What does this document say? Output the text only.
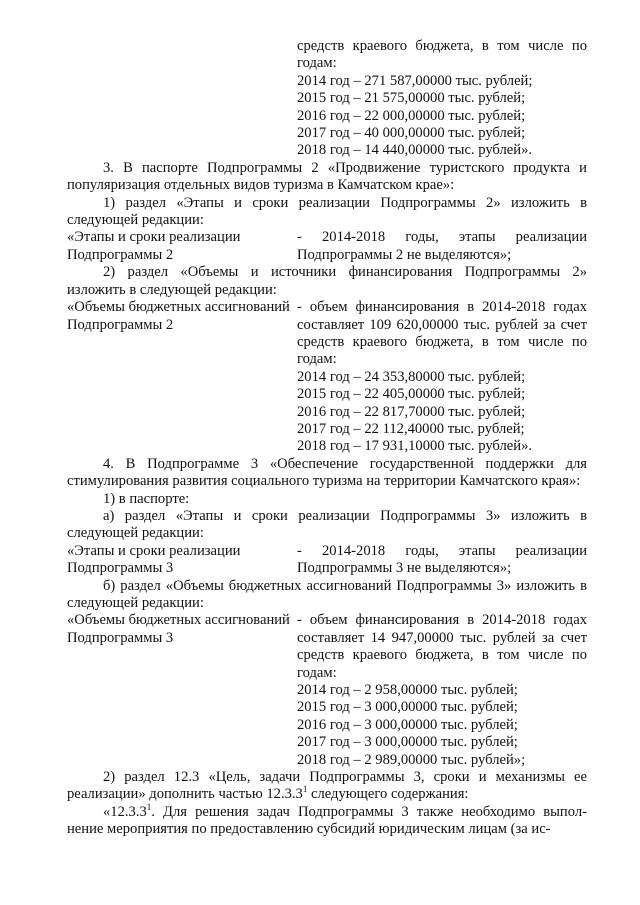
средств краевого бюджета, в том числе по
годам:
2014 год – 271 587,00000 тыс. рублей;
2015 год – 21 575,00000 тыс. рублей;
2016 год – 22 000,00000 тыс. рублей;
2017 год – 40 000,00000 тыс. рублей;
2018 год – 14 440,00000 тыс. рублей».
3. В паспорте Подпрограммы 2 «Продвижение туристского продукта и популяризация отдельных видов туризма в Камчатском крае»:
1) раздел «Этапы и сроки реализации Подпрограммы 2» изложить в следующей редакции:
«Этапы и сроки реализации Подпрограммы 2
- 2014-2018 годы, этапы реализации
Подпрограммы 2 не выделяются»;
2) раздел «Объемы и источники финансирования Подпрограммы 2» изложить в следующей редакции:
«Объемы бюджетных ассигнований Подпрограммы 2
- объем финансирования в 2014-2018 годах
составляет 109 620,00000 тыс. рублей за счет
средств краевого бюджета, в том числе по
годам:
2014 год – 24 353,80000 тыс. рублей;
2015 год – 22 405,00000 тыс. рублей;
2016 год – 22 817,70000 тыс. рублей;
2017 год – 22 112,40000 тыс. рублей;
2018 год – 17 931,10000 тыс. рублей».
4. В Подпрограмме 3 «Обеспечение государственной поддержки для стимулирования развития социального туризма на территории Камчатского края»:
1) в паспорте:
а) раздел «Этапы и сроки реализации Подпрограммы 3» изложить в следующей редакции:
«Этапы и сроки реализации Подпрограммы 3
- 2014-2018 годы, этапы реализации
Подпрограммы 3 не выделяются»;
б) раздел «Объемы бюджетных ассигнований Подпрограммы 3» изложить в следующей редакции:
«Объемы бюджетных ассигнований Подпрограммы 3
- объем финансирования в 2014-2018 годах
составляет 14 947,00000 тыс. рублей за счет
средств краевого бюджета, в том числе по
годам:
2014 год – 2 958,00000 тыс. рублей;
2015 год – 3 000,00000 тыс. рублей;
2016 год – 3 000,00000 тыс. рублей;
2017 год – 3 000,00000 тыс. рублей;
2018 год – 2 989,00000 тыс. рублей»;
2) раздел 12.3 «Цель, задачи Подпрограммы 3, сроки и механизмы ее реализации» дополнить частью 12.3.3$^1$ следующего содержания:
«12.3.3$^1$. Для решения задач Подпрограммы 3 также необходимо выпол-нение мероприятия по предоставлению субсидий юридическим лицам (за ис-
